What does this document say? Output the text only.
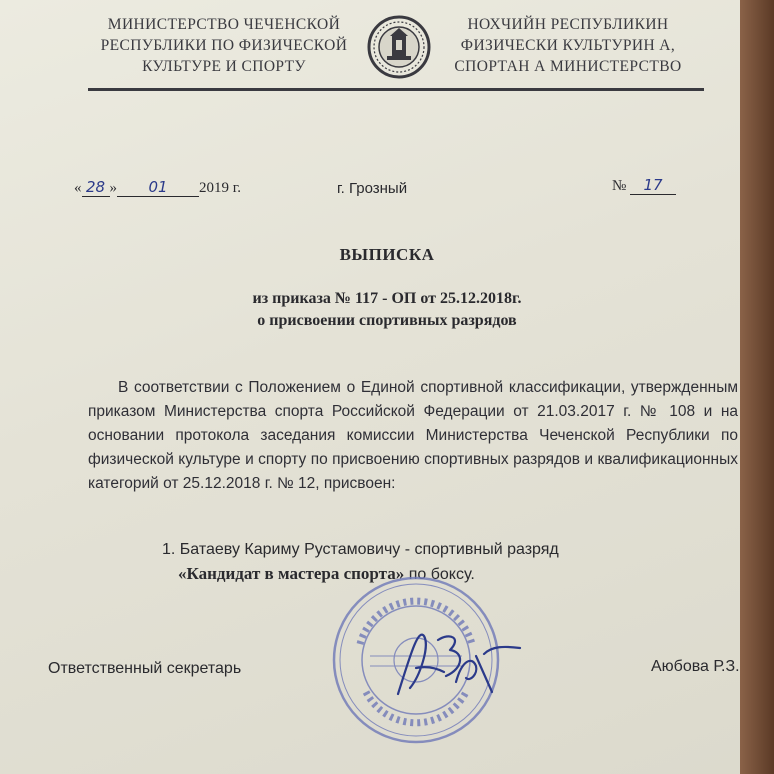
МИНИСТЕРСТВО ЧЕЧЕНСКОЙ
РЕСПУБЛИКИ ПО ФИЗИЧЕСКОЙ
КУЛЬТУРЕ И СПОРТУ
НОХЧИЙН РЕСПУБЛИКИН
ФИЗИЧЕСКИ КУЛЬТУРИН А,
СПОРТАН А МИНИСТЕРСТВО
« 28 » 01 2019 г.	г. Грозный	№ 17
ВЫПИСКА
из приказа № 117 - ОП от 25.12.2018г.
о присвоении спортивных разрядов

В соответствии с Положением о Единой спортивной классификации, утвержденным приказом Министерства спорта Российской Федерации от 21.03.2017 г. № 108 и на основании протокола заседания комиссии Министерства Чеченской Республики по физической культуре и спорту по присвоению спортивных разрядов и квалификационных категорий от 25.12.2018 г. № 12, присвоен:

1. Батаеву Кариму Рустамовичу - спортивный разряд
«Кандидат в мастера спорта» по боксу.
Ответственный секретарь	Аюбова Р.З.
